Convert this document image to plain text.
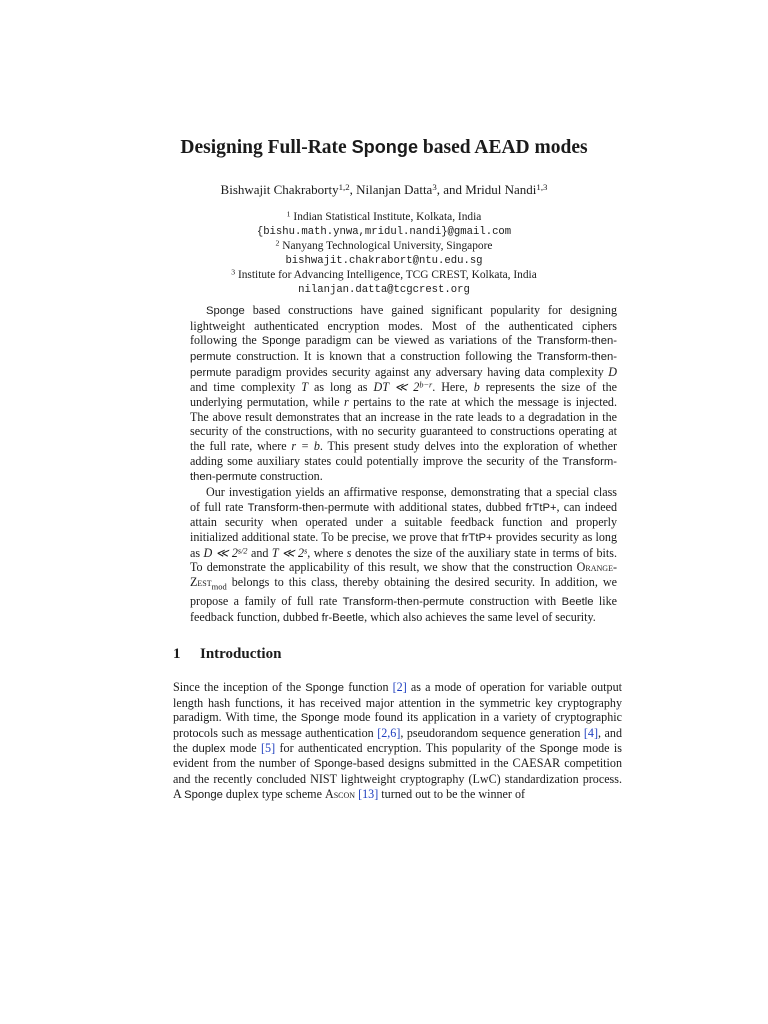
Designing Full-Rate Sponge based AEAD modes
Bishwajit Chakraborty$^{1,2}$, Nilanjan Datta$^3$, and Mridul Nandi$^{1,3}$
$^1$ Indian Statistical Institute, Kolkata, India
{bishu.math.ynwa,mridul.nandi}@gmail.com
$^2$ Nanyang Technological University, Singapore
bishwajit.chakrabort@ntu.edu.sg
$^3$ Institute for Advancing Intelligence, TCG CREST, Kolkata, India
nilanjan.datta@tcgcrest.org

Sponge based constructions have gained significant popularity for designing lightweight authenticated encryption modes. Most of the authenticated ciphers following the Sponge paradigm can be viewed as variations of the Transform-then-permute construction. It is known that a construction following the Transform-then-permute paradigm provides security against any adversary having data complexity D and time complexity T as long as DT ≪ $2^{b-r}$. Here, b represents the size of the underlying permutation, while r pertains to the rate at which the message is injected. The above result demonstrates that an increase in the rate leads to a degradation in the security of the constructions, with no security guaranteed to constructions operating at the full rate, where r = b. This present study delves into the exploration of whether adding some auxiliary states could potentially improve the security of the Transform-then-permute construction.

Our investigation yields an affirmative response, demonstrating that a special class of full rate Transform-then-permute with additional states, dubbed frTtP+, can indeed attain security when operated under a suitable feedback function and properly initialized additional state. To be precise, we prove that frTtP+ provides security as long as D ≪ $2^{s/2}$ and T ≪ 2$^s$, where s denotes the size of the auxiliary state in terms of bits. To demonstrate the applicability of this result, we show that the construction Orange-Zest$_{mod}$ belongs to this class, thereby obtaining the desired security. In addition, we propose a family of full rate Transform-then-permute construction with Beetle like feedback function, dubbed fr-Beetle, which also achieves the same level of security.

1 Introduction

Since the inception of the Sponge function [2] as a mode of operation for variable output length hash functions, it has received major attention in the symmetric key cryptography paradigm. With time, the Sponge mode found its application in a variety of cryptographic protocols such as message authentication [2,6], pseudorandom sequence generation [4], and the duplex mode [5] for authenticated encryption. This popularity of the Sponge mode is evident from the number of Sponge-based designs submitted in the CAESAR competition and the recently concluded NIST lightweight cryptography (LwC) standardization process. A Sponge duplex type scheme Ascon [13] turned out to be the winner of
